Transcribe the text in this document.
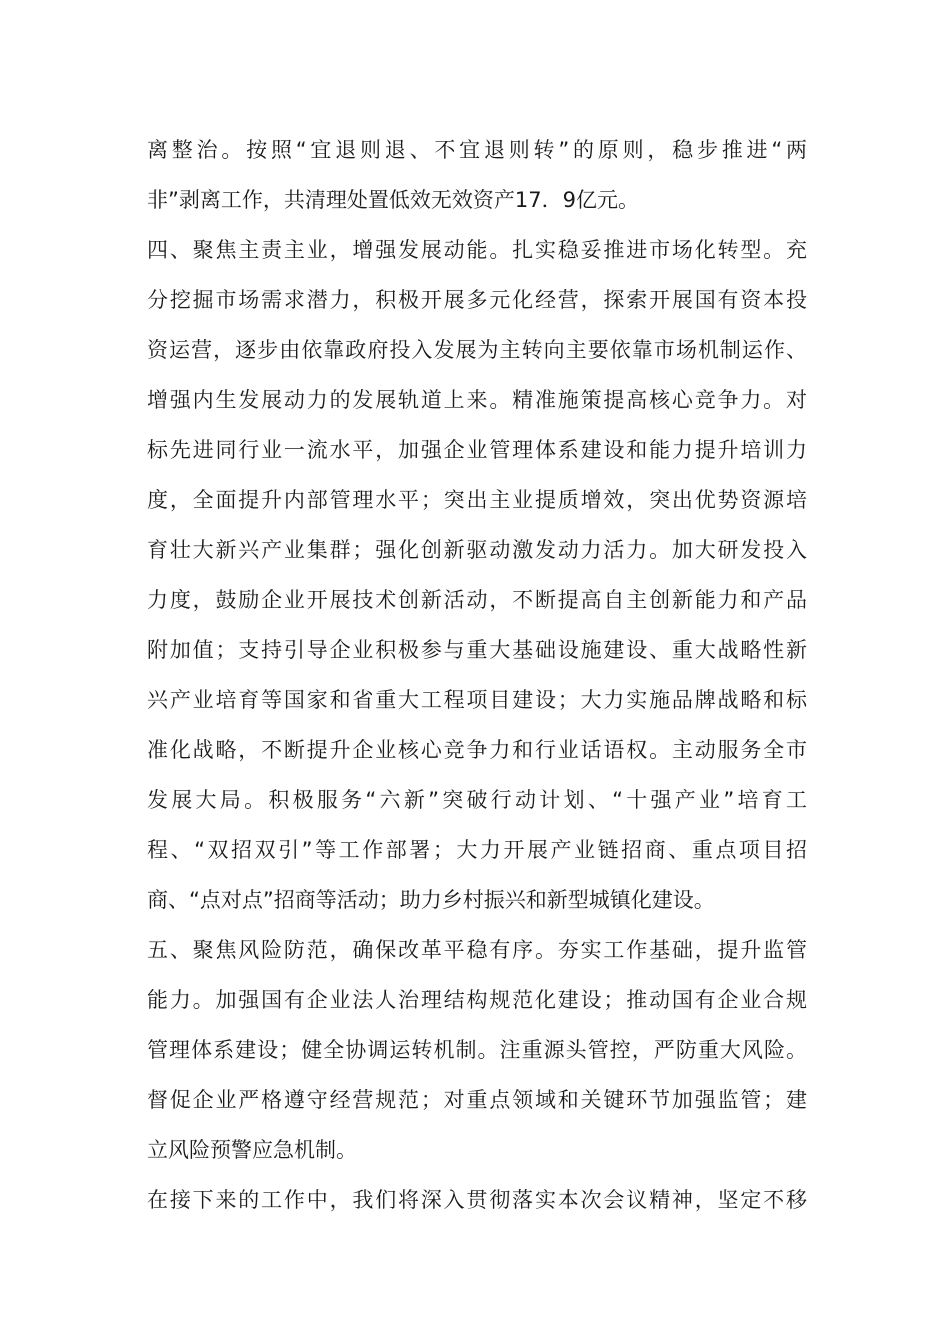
离整治。按照“宜退则退、不宜退则转”的原则，稳步推进“两
非”剥离工作，共清理处置低效无效资产17．9亿元。
四、聚焦主责主业，增强发展动能。扎实稳妥推进市场化转型。充
分挖掘市场需求潜力，积极开展多元化经营，探索开展国有资本投
资运营，逐步由依靠政府投入发展为主转向主要依靠市场机制运作、
增强内生发展动力的发展轨道上来。精准施策提高核心竞争力。对
标先进同行业一流水平，加强企业管理体系建设和能力提升培训力
度，全面提升内部管理水平；突出主业提质增效，突出优势资源培
育壮大新兴产业集群；强化创新驱动激发动力活力。加大研发投入
力度，鼓励企业开展技术创新活动，不断提高自主创新能力和产品
附加值；支持引导企业积极参与重大基础设施建设、重大战略性新
兴产业培育等国家和省重大工程项目建设；大力实施品牌战略和标
准化战略，不断提升企业核心竞争力和行业话语权。主动服务全市
发展大局。积极服务“六新”突破行动计划、“十强产业”培育工
程、“双招双引”等工作部署；大力开展产业链招商、重点项目招
商、“点对点”招商等活动；助力乡村振兴和新型城镇化建设。
五、聚焦风险防范，确保改革平稳有序。夯实工作基础，提升监管
能力。加强国有企业法人治理结构规范化建设；推动国有企业合规
管理体系建设；健全协调运转机制。注重源头管控，严防重大风险。
督促企业严格遵守经营规范；对重点领域和关键环节加强监管；建
立风险预警应急机制。
在接下来的工作中，我们将深入贯彻落实本次会议精神，坚定不移
